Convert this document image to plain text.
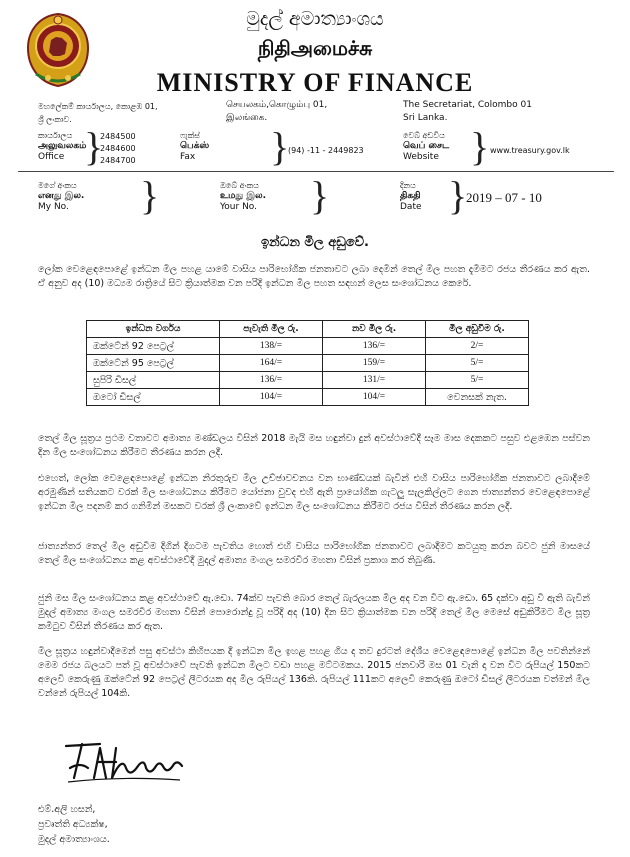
මුදල් අමාත්‍යාංශය
நிதிஅமைச்சு
MINISTRY OF FINANCE
මහලේකම් කාර්යාලය, කොළඹ 01,
ශ්‍රී ලංකාව.
செயலகம்,கொழும்பு 01,
இலங்கை.
The Secretariat, Colombo 01
Sri Lanka.
කාර්යාලය
அலுவலகம்
Office }
2484500
2484600
2484700
ෆැක්ස්
பெக்ஸ்
Fax	}
(94) -11 - 2449823
වෙබ් අඩවිය
வெப் சைட
Website } www.treasury.gov.lk
මගේ අංකය
எனது இல.
My No.	}	ඔබේ අංකය
உமது இல.
Your No. }	දිනය
திகதி
Date }
2019 – 07 - 10
ඉන්ධන මිල අඩුවේ.
ලෝක වෙළෙඳපොළේ ඉන්ධන මිල පහළ යාමේ වාසිය පාරිභෝගික ජනතාවට ලබා දෙමින් තෙල් මිල පහත දැමීමට රජය තීරණය කර ඇත. ඒ අනුව අද (10) මධ්‍යම රාත්‍රියේ සිට ක්‍රියාත්මක වන පරිදි ඉන්ධන මිල පහත සඳහන් ලෙස සංශෝධනය කෙරේ.
ඉන්ධන වර්ගය	පැවැති මිල රු.	නව මිල රු.	මිල අඩුවීම රු.
ඔක්ටේන් 92 පෙට්‍රල්	138/=	136/=	2/=
ඔක්ටේන් 95 පෙට්‍රල්	164/=	159/=	5/=
සුපිරි ඩීසල්	136/=	131/=	5/=
ඔටෝ ඩීසල්	104/=	104/=	වෙනසක් නැත.
තෙල් මිල සූත්‍රය ප්‍රථම වතාවට අමාත්‍ය මණ්ඩලය විසින් 2018 මැයි මස හඳුන්වා දුන් අවස්ථාවේදී සෑම මාස දෙකකට පසුව එළඹෙන පස්වන දින මිල සංශෝධනය කිරීමට තීරණය කරන ලදී.
එහෙත්, ලෝක වෙළෙඳපොළේ ඉන්ධන නිරතුරුව මිල උච්ඡාවචනය වන භාණ්ඩයක් බැවින් එහි වාසිය පාරිභෝගික ජනතාවට ලබාදීමේ අරමුණින් සතියකට වරක් මිල සංශෝධනය කිරීමට යෝජනා වුවද එහි ඇති ප්‍රායෝගික ගැටලු සැලකිල්ලට ගෙන ජාත්‍යන්තර වෙළෙඳපොළේ ඉන්ධන මිල පදනම් කර ගනිමින් මසකට වරක් ශ්‍රී ලංකාවේ ඉන්ධන මිල සංශෝධනය කිරීමට රජය විසින් තීරණය කරන ලදී.
ජාත්‍යන්තර තෙල් මිල අඩුවීම දිගින් දිගටම පැවතිය හොත් එහි වාසිය පාරිභෝගික ජනතාවට ලබාදීමට කටයුතු කරන බවට ජුනි මාසයේ තෙල් මිල සංශෝධනය කළ අවස්ථාවේදී මුදල් අමාත්‍ය මංගල සමරවීර මහතා විසින් ප්‍රකාශ කර තිබුණි.
ජුනි මස මිල සංශෝධනය කළ අවස්ථාවේ ඇ.ඩො. 74ක්ව පැවති බොර තෙල් බැරලයක මිල අද වන විට ඇ.ඩො. 65 දක්වා අඩු වී ඇති බැවින් මුදල් අමාත්‍ය මංගල සමරවීර මහතා විසින් පොරොන්දු වූ පරිදි අද (10) දින සිට ක්‍රියාත්මක වන පරිදි තෙල් මිල මෙසේ අඩුකිරීමට මිල සූත්‍ර කමිටුව විසින් තීරණය කර ඇත.
මිල සූත්‍රය හඳුන්වාදීමෙන් පසු අවස්ථා කිහිපයක දී ඉන්ධන මිල ඉහළ පහළ ගිය ද තව දුරටත් දේශීය වෙළෙඳපොළේ ඉන්ධන මිල පවතින්නේ මෙම රජය බලයට පත් වූ අවස්ථාවේ පැවති ඉන්ධන මිලට වඩා පහළ මට්ටමකය. 2015 ජනවාරි මස 01 වැනි දා වන විට රුපියල් 150කට අලෙවි කෙරුණු ඔක්ටේන් 92 පෙට්‍රල් ලීටරයක අද මිල රුපියල් 136කි. රුපියල් 111කට අලෙවි කෙරුණු ඔටෝ ඩීසල් ලීටරයක වත්මන් මිල වන්නේ රුපියල් 104කි.
එම්.අලි හසන්,
ප්‍රවෘත්ති අධ්‍යක්ෂ,
මුදල් අමාත්‍යාංශය.
